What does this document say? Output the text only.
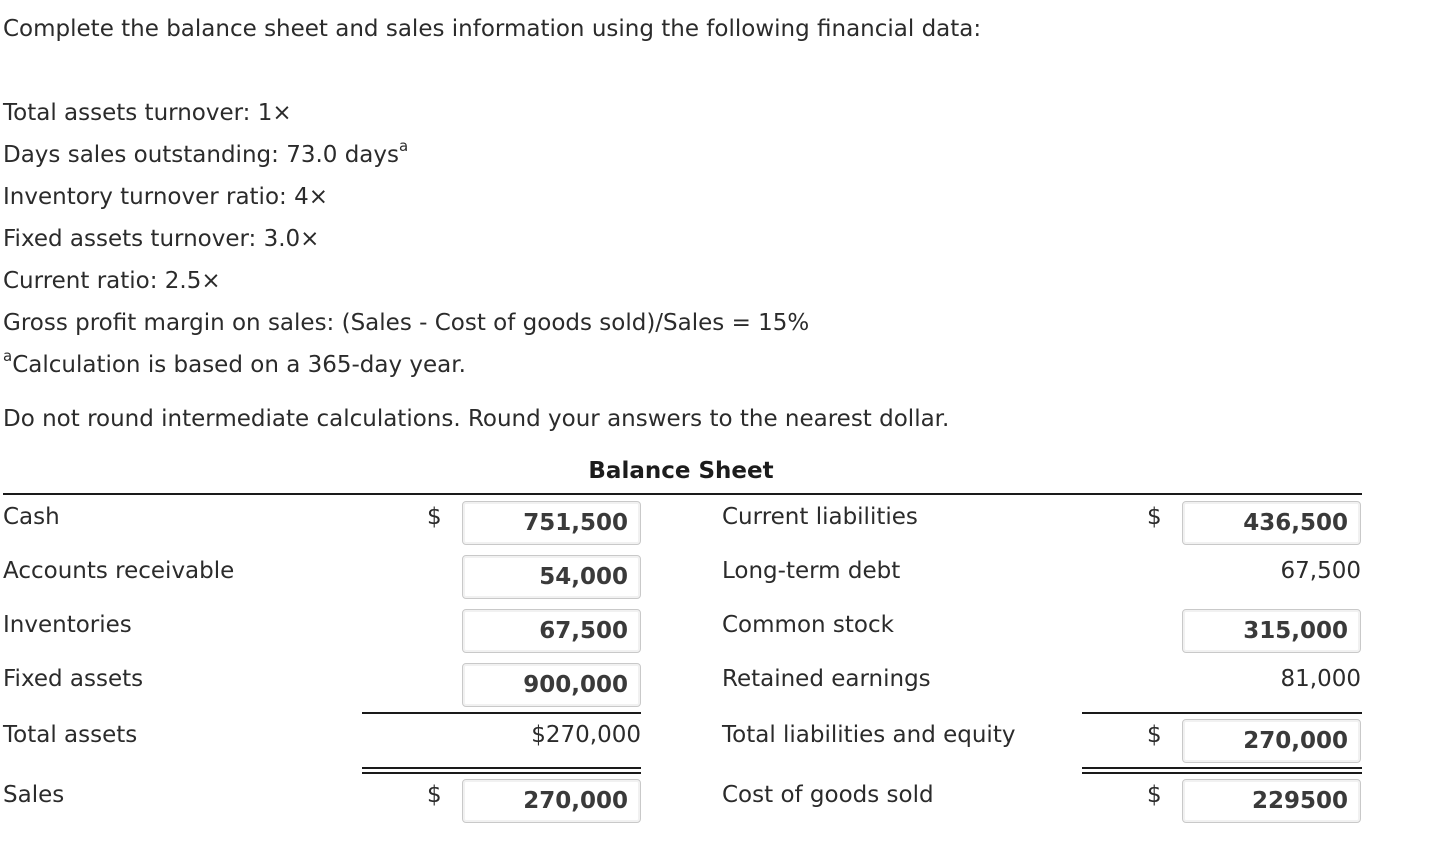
Complete the balance sheet and sales information using the following financial data:
Total assets turnover: 1×
Days sales outstanding: 73.0 days$^a$
Inventory turnover ratio: 4×
Fixed assets turnover: 3.0×
Current ratio: 2.5×
Gross profit margin on sales: (Sales - Cost of goods sold)/Sales = 15%
$^a$Calculation is based on a 365-day year.
Do not round intermediate calculations. Round your answers to the nearest dollar.
Balance Sheet
Cash	$	751,500	Current liabilities	$	436,500
Accounts receivable	54,000	Long-term debt	67,500
Inventories	67,500	Common stock	315,000
Fixed assets	900,000	Retained earnings	81,000
Total assets	$270,000	Total liabilities and equity	$	270,000
Sales	$	270,000	Cost of goods sold	$	229500
